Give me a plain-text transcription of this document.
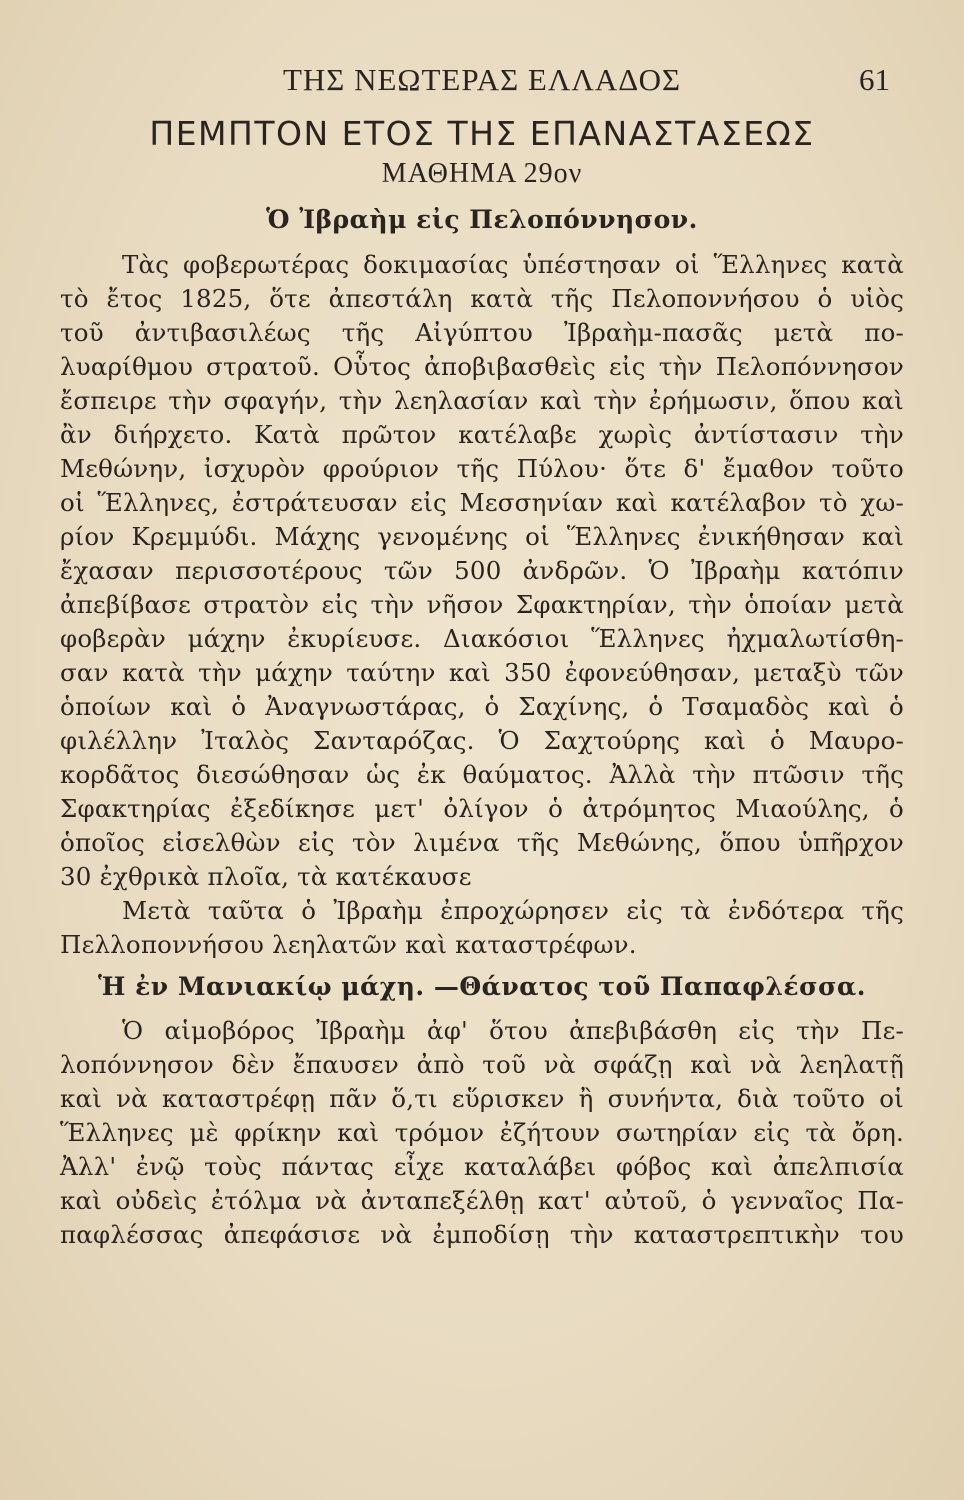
ΤΗΣ ΝΕΩΤΕΡΑΣ ΕΛΛΑΔΟΣ	61
ΠΕΜΠΤΟΝ ΕΤΟΣ ΤΗΣ ΕΠΑΝΑΣΤΑΣΕΩΣ
ΜΑΘΗΜΑ 29ον
Ὁ Ἰβραὴμ εἰς Πελοπόννησον.
Τὰς φοβερωτέρας δοκιμασίας ὑπέστησαν οἱ Ἕλληνες κατὰ
τὸ ἔτος 1825, ὅτε ἀπεστάλη κατὰ τῆς Πελοποννήσου ὁ υἱὸς
τοῦ ἀντιβασιλέως τῆς Αἰγύπτου Ἰβραὴμ-πασᾶς μετὰ πο-
λυαρίθμου στρατοῦ. Οὗτος ἀποβιβασθεὶς εἰς τὴν Πελοπόννησον
ἔσπειρε τὴν σφαγήν, τὴν λεηλασίαν καὶ τὴν ἐρήμωσιν, ὅπου καὶ
ἂν διήρχετο. Κατὰ πρῶτον κατέλαβε χωρὶς ἀντίστασιν τὴν
Μεθώνην, ἰσχυρὸν φρούριον τῆς Πύλου· ὅτε δ' ἔμαθον τοῦτο
οἱ Ἕλληνες, ἐστράτευσαν εἰς Μεσσηνίαν καὶ κατέλαβον τὸ χω-
ρίον Κρεμμύδι. Μάχης γενομένης οἱ Ἕλληνες ἐνικήθησαν καὶ
ἔχασαν περισσοτέρους τῶν 500 ἀνδρῶν. Ὁ Ἰβραὴμ κατόπιν
ἀπεβίβασε στρατὸν εἰς τὴν νῆσον Σφακτηρίαν, τὴν ὁποίαν μετὰ
φοβερὰν μάχην ἐκυρίευσε. Διακόσιοι Ἕλληνες ἠχμαλωτίσθη-
σαν κατὰ τὴν μάχην ταύτην καὶ 350 ἐφονεύθησαν, μεταξὺ τῶν
ὁποίων καὶ ὁ Ἀναγνωστάρας, ὁ Σαχίνης, ὁ Τσαμαδὸς καὶ ὁ
φιλέλλην Ἰταλὸς Σανταρόζας. Ὁ Σαχτούρης καὶ ὁ Μαυρο-
κορδᾶτος διεσώθησαν ὡς ἐκ θαύματος. Ἀλλὰ τὴν πτῶσιν τῆς
Σφακτηρίας ἐξεδίκησε μετ' ὀλίγον ὁ ἀτρόμητος Μιαούλης, ὁ
ὁποῖος εἰσελθὼν εἰς τὸν λιμένα τῆς Μεθώνης, ὅπου ὑπῆρχον
30 ἐχθρικὰ πλοῖα, τὰ κατέκαυσε
Μετὰ ταῦτα ὁ Ἰβραὴμ ἐπροχώρησεν εἰς τὰ ἐνδότερα τῆς
Πελλοποννήσου λεηλατῶν καὶ καταστρέφων.
Ἡ ἐν Μανιακίῳ μάχη. —Θάνατος τοῦ Παπαφλέσσα.
Ὁ αἱμοβόρος Ἰβραὴμ ἀφ' ὅτου ἀπεβιβάσθη εἰς τὴν Πε-
λοπόννησον δὲν ἔπαυσεν ἀπὸ τοῦ νὰ σφάζῃ καὶ νὰ λεηλατῇ
καὶ νὰ καταστρέφῃ πᾶν ὅ,τι εὕρισκεν ἢ συνήντα, διὰ τοῦτο οἱ
Ἕλληνες μὲ φρίκην καὶ τρόμον ἐζήτουν σωτηρίαν εἰς τὰ ὄρη.
Ἀλλ' ἐνῷ τοὺς πάντας εἶχε καταλάβει φόβος καὶ ἀπελπισία
καὶ οὐδεὶς ἐτόλμα νὰ ἀνταπεξέλθῃ κατ' αὐτοῦ, ὁ γενναῖος Πα-
παφλέσσας ἀπεφάσισε νὰ ἐμποδίσῃ τὴν καταστρεπτικὴν του
